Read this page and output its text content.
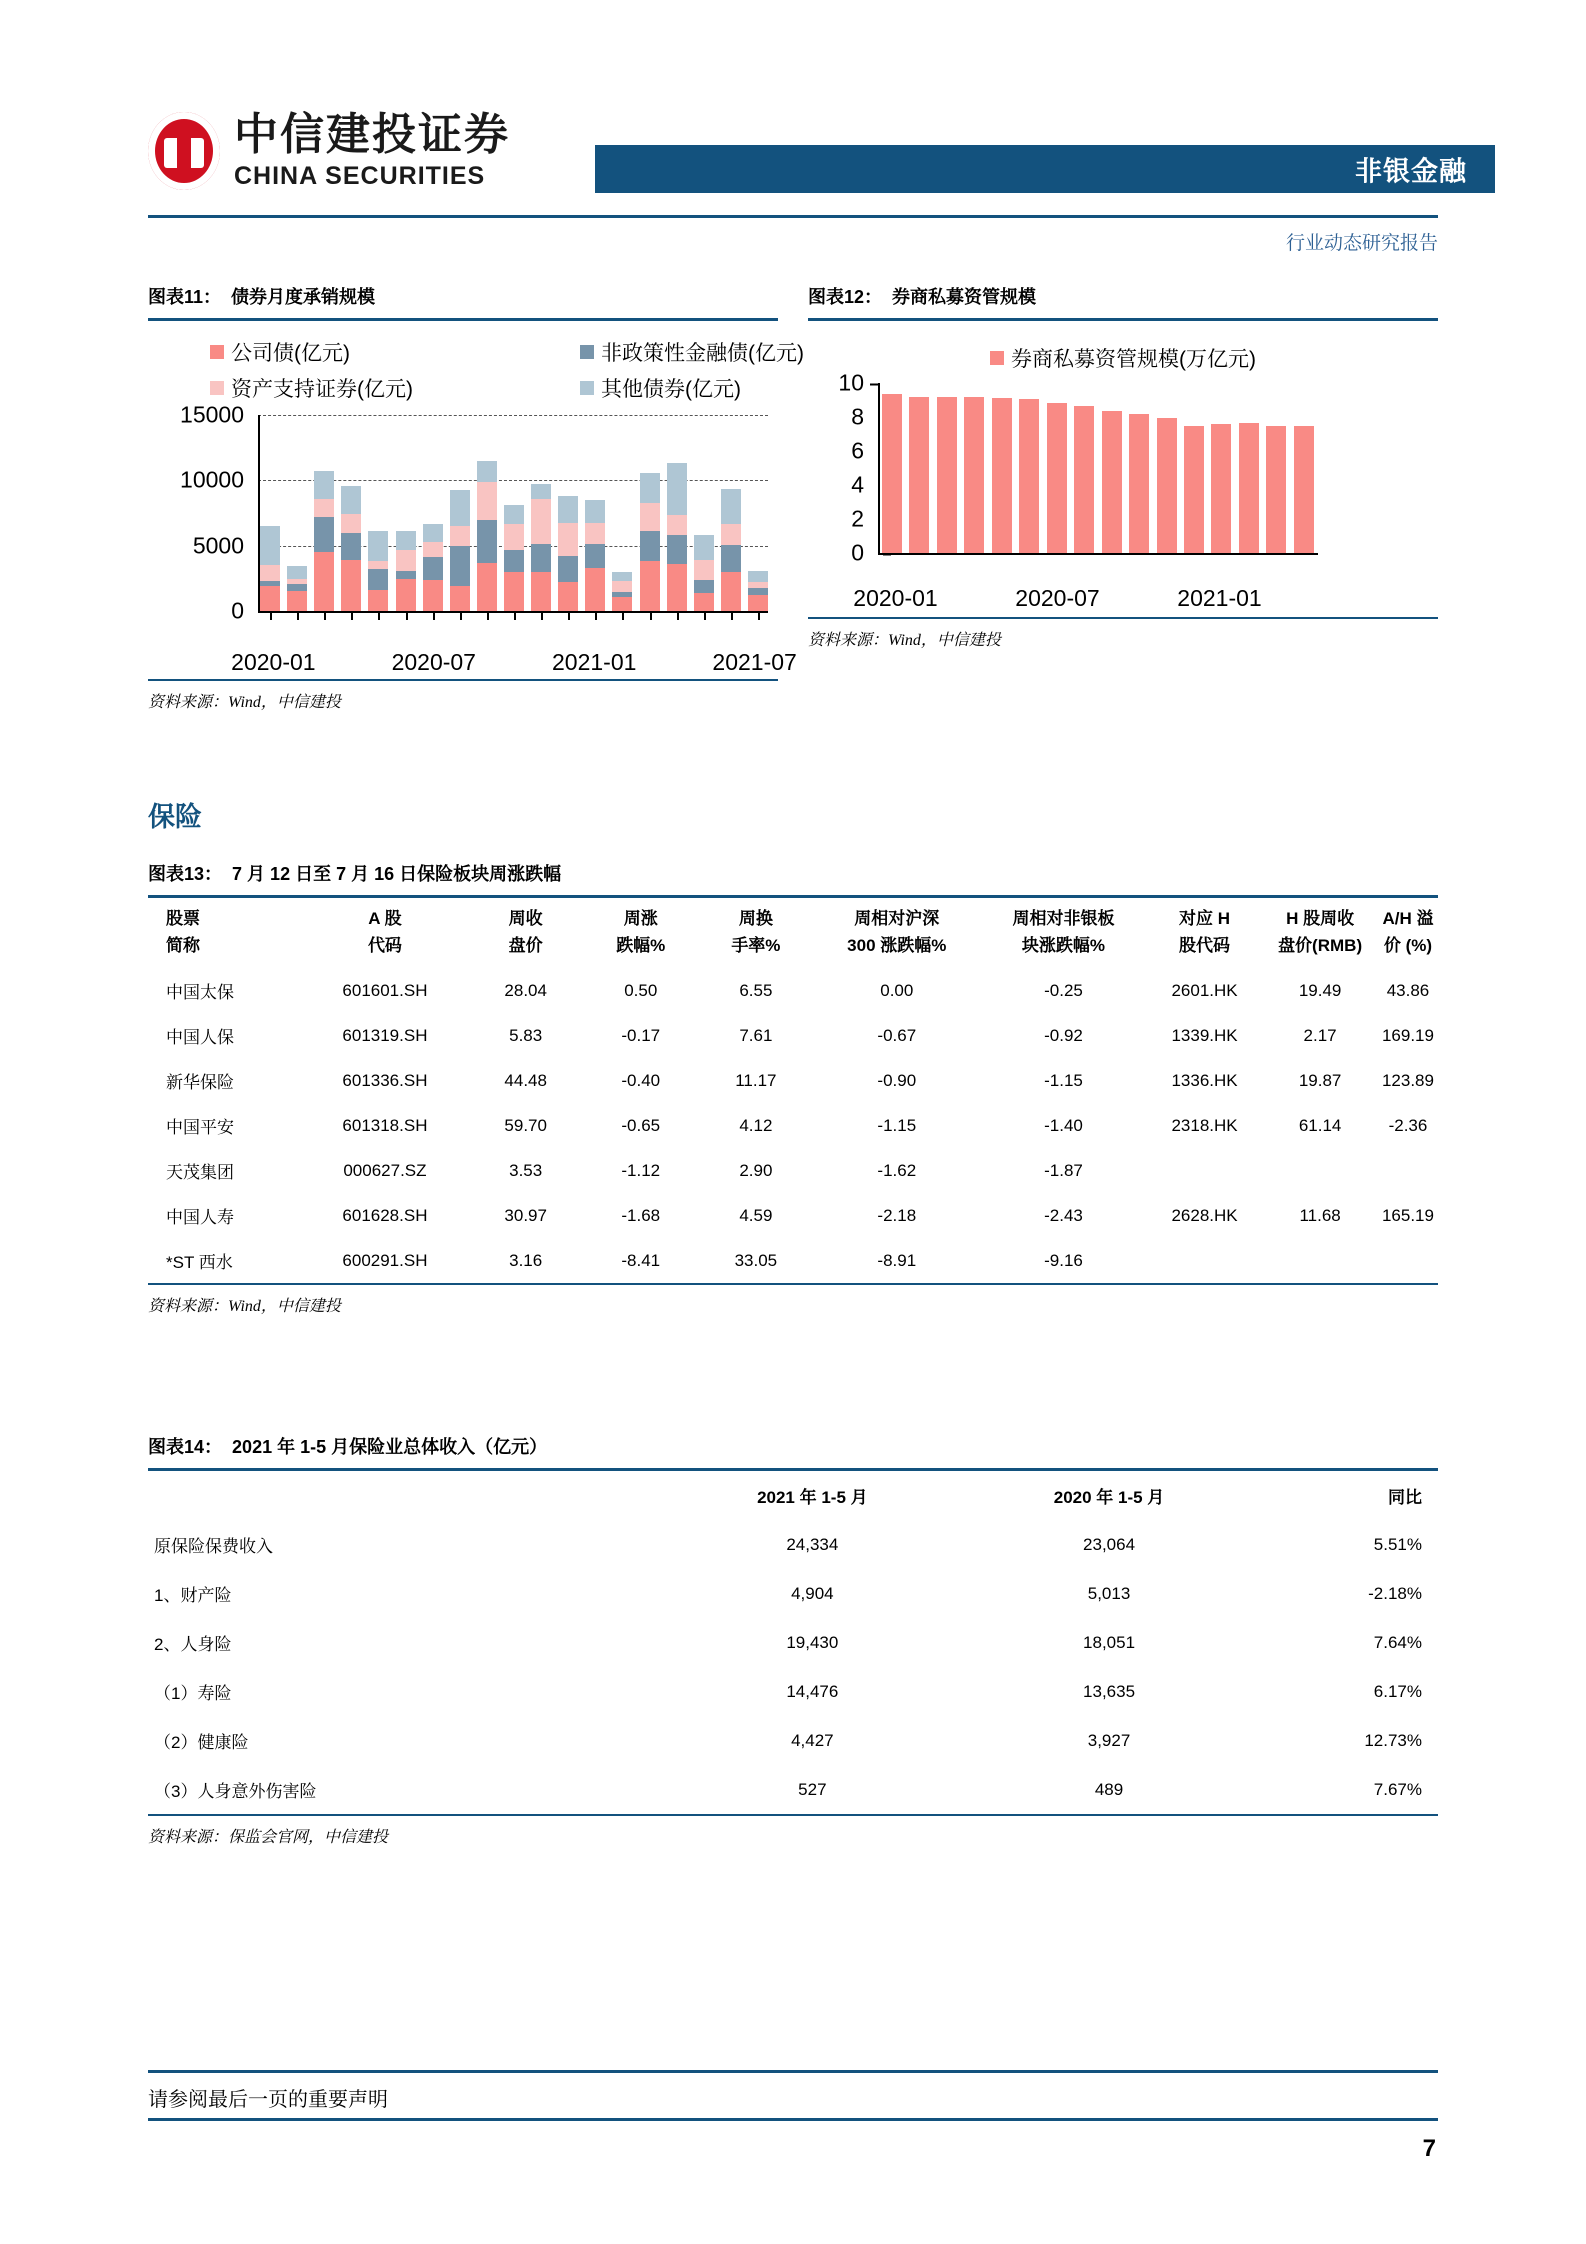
中信建投证券
CHINA SECURITIES	非银金融
行业动态研究报告
图表11： 债券月度承销规模
公司债(亿元)	非政策性金融债(亿元)
资产支持证券(亿元)	其他债券(亿元)
0
5000
10000
15000
2020-01	2020-07	2021-01	2021-07
资料来源：Wind，中信建投
图表12： 券商私募资管规模
券商私募资管规模(万亿元)
0
2
4
6
8
10
2020-01	2020-07	2021-01
资料来源：Wind，中信建投
保险
图表13： 7 月 12 日至 7 月 16 日保险板块周涨跌幅
股票	A 股	周收	周涨	周换	周相对沪深	周相对非银板	对应 H	H 股周收	A/H 溢
简称	代码	盘价	跌幅%	手率%	300 涨跌幅%	块涨跌幅%	股代码	盘价(RMB)	价 (%)
中国太保	601601.SH	28.04	0.50	6.55	0.00	-0.25	2601.HK	19.49	43.86
中国人保	601319.SH	5.83	-0.17	7.61	-0.67	-0.92	1339.HK	2.17	169.19
新华保险	601336.SH	44.48	-0.40	11.17	-0.90	-1.15	1336.HK	19.87	123.89
中国平安	601318.SH	59.70	-0.65	4.12	-1.15	-1.40	2318.HK	61.14	-2.36
天茂集团	000627.SZ	3.53	-1.12	2.90	-1.62	-1.87			
中国人寿	601628.SH	30.97	-1.68	4.59	-2.18	-2.43	2628.HK	11.68	165.19
*ST 西水	600291.SH	3.16	-8.41	33.05	-8.91	-9.16			
资料来源：Wind，中信建投
图表14： 2021 年 1-5 月保险业总体收入（亿元）
	2021 年 1-5 月	2020 年 1-5 月	同比
原保险保费收入	24,334	23,064	5.51%
1、财产险	4,904	5,013	-2.18%
2、人身险	19,430	18,051	7.64%
（1）寿险	14,476	13,635	6.17%
（2）健康险	4,427	3,927	12.73%
（3）人身意外伤害险	527	489	7.67%
资料来源：保监会官网，中信建投
请参阅最后一页的重要声明
7
